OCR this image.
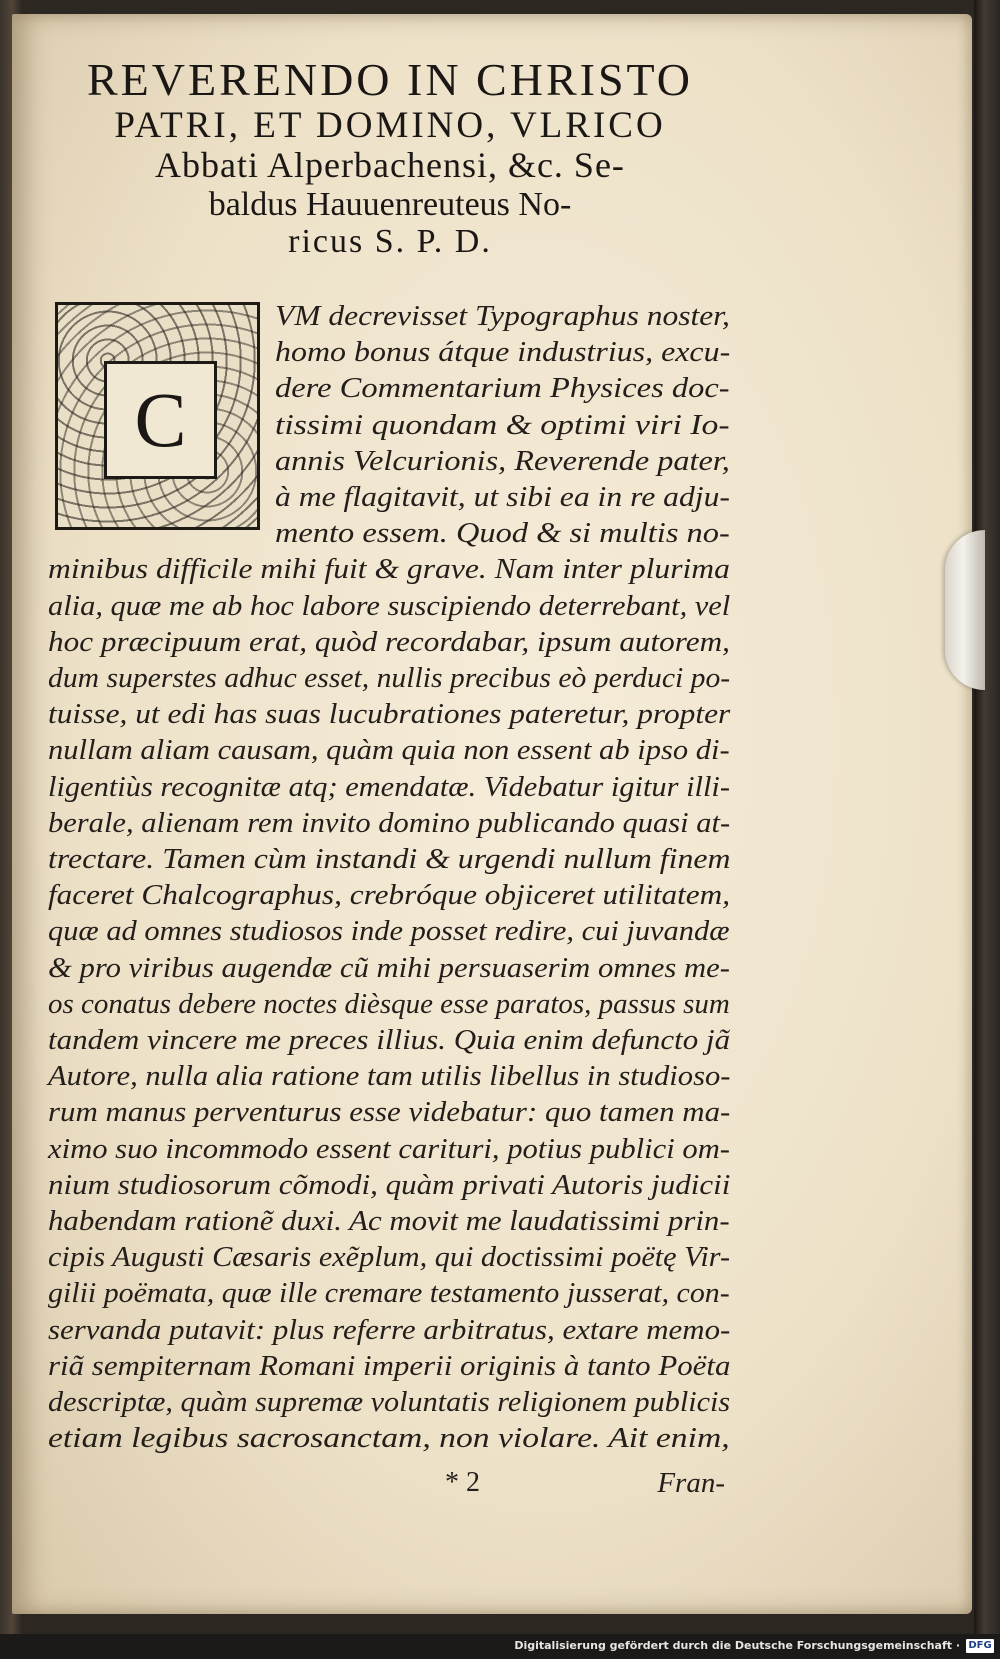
REVERENDO IN CHRISTO
PATRI, ET DOMINO, VLRICO
Abbati Alperbachensi, &c. Se-
baldus Hauuenreuteus No-
ricus S. P. D.
C
VM decrevisset Typographus noster,
homo bonus átque industrius, excu-
dere Commentarium Physices doc-
tissimi quondam & optimi viri Io-
annis Velcurionis, Reverende pater,
à me flagitavit, ut sibi ea in re adju-
mento essem. Quod & si multis no-
minibus difficile mihi fuit & grave. Nam inter plurima
alia, quæ me ab hoc labore suscipiendo deterrebant, vel
hoc præcipuum erat, quòd recordabar, ipsum autorem,
dum superstes adhuc esset, nullis precibus eò perduci po-
tuisse, ut edi has suas lucubrationes pateretur, propter
nullam aliam causam, quàm quia non essent ab ipso di-
ligentiùs recognitæ atq; emendatæ. Videbatur igitur illi-
berale, alienam rem invito domino publicando quasi at-
trectare. Tamen cùm instandi & urgendi nullum finem
faceret Chalcographus, crebróque objiceret utilitatem,
quæ ad omnes studiosos inde posset redire, cui juvandæ
& pro viribus augendæ cũ mihi persuaserim omnes me-
os conatus debere noctes dièsque esse paratos, passus sum
tandem vincere me preces illius. Quia enim defuncto jã
Autore, nulla alia ratione tam utilis libellus in studioso-
rum manus perventurus esse videbatur: quo tamen ma-
ximo suo incommodo essent carituri, potius publici om-
nium studiosorum cõmodi, quàm privati Autoris judicii
habendam rationẽ duxi. Ac movit me laudatissimi prin-
cipis Augusti Cæsaris exẽplum, qui doctissimi poëtę Vir-
gilii poëmata, quæ ille cremare testamento jusserat, con-
servanda putavit: plus referre arbitratus, extare memo-
riã sempiternam Romani imperii originis à tanto Poëta
descriptæ, quàm supremæ voluntatis religionem publicis
etiam legibus sacrosanctam, non violare. Ait enim,
* 2	Fran-
Digitalisierung gefördert durch die Deutsche Forschungsgemeinschaft · DFG
